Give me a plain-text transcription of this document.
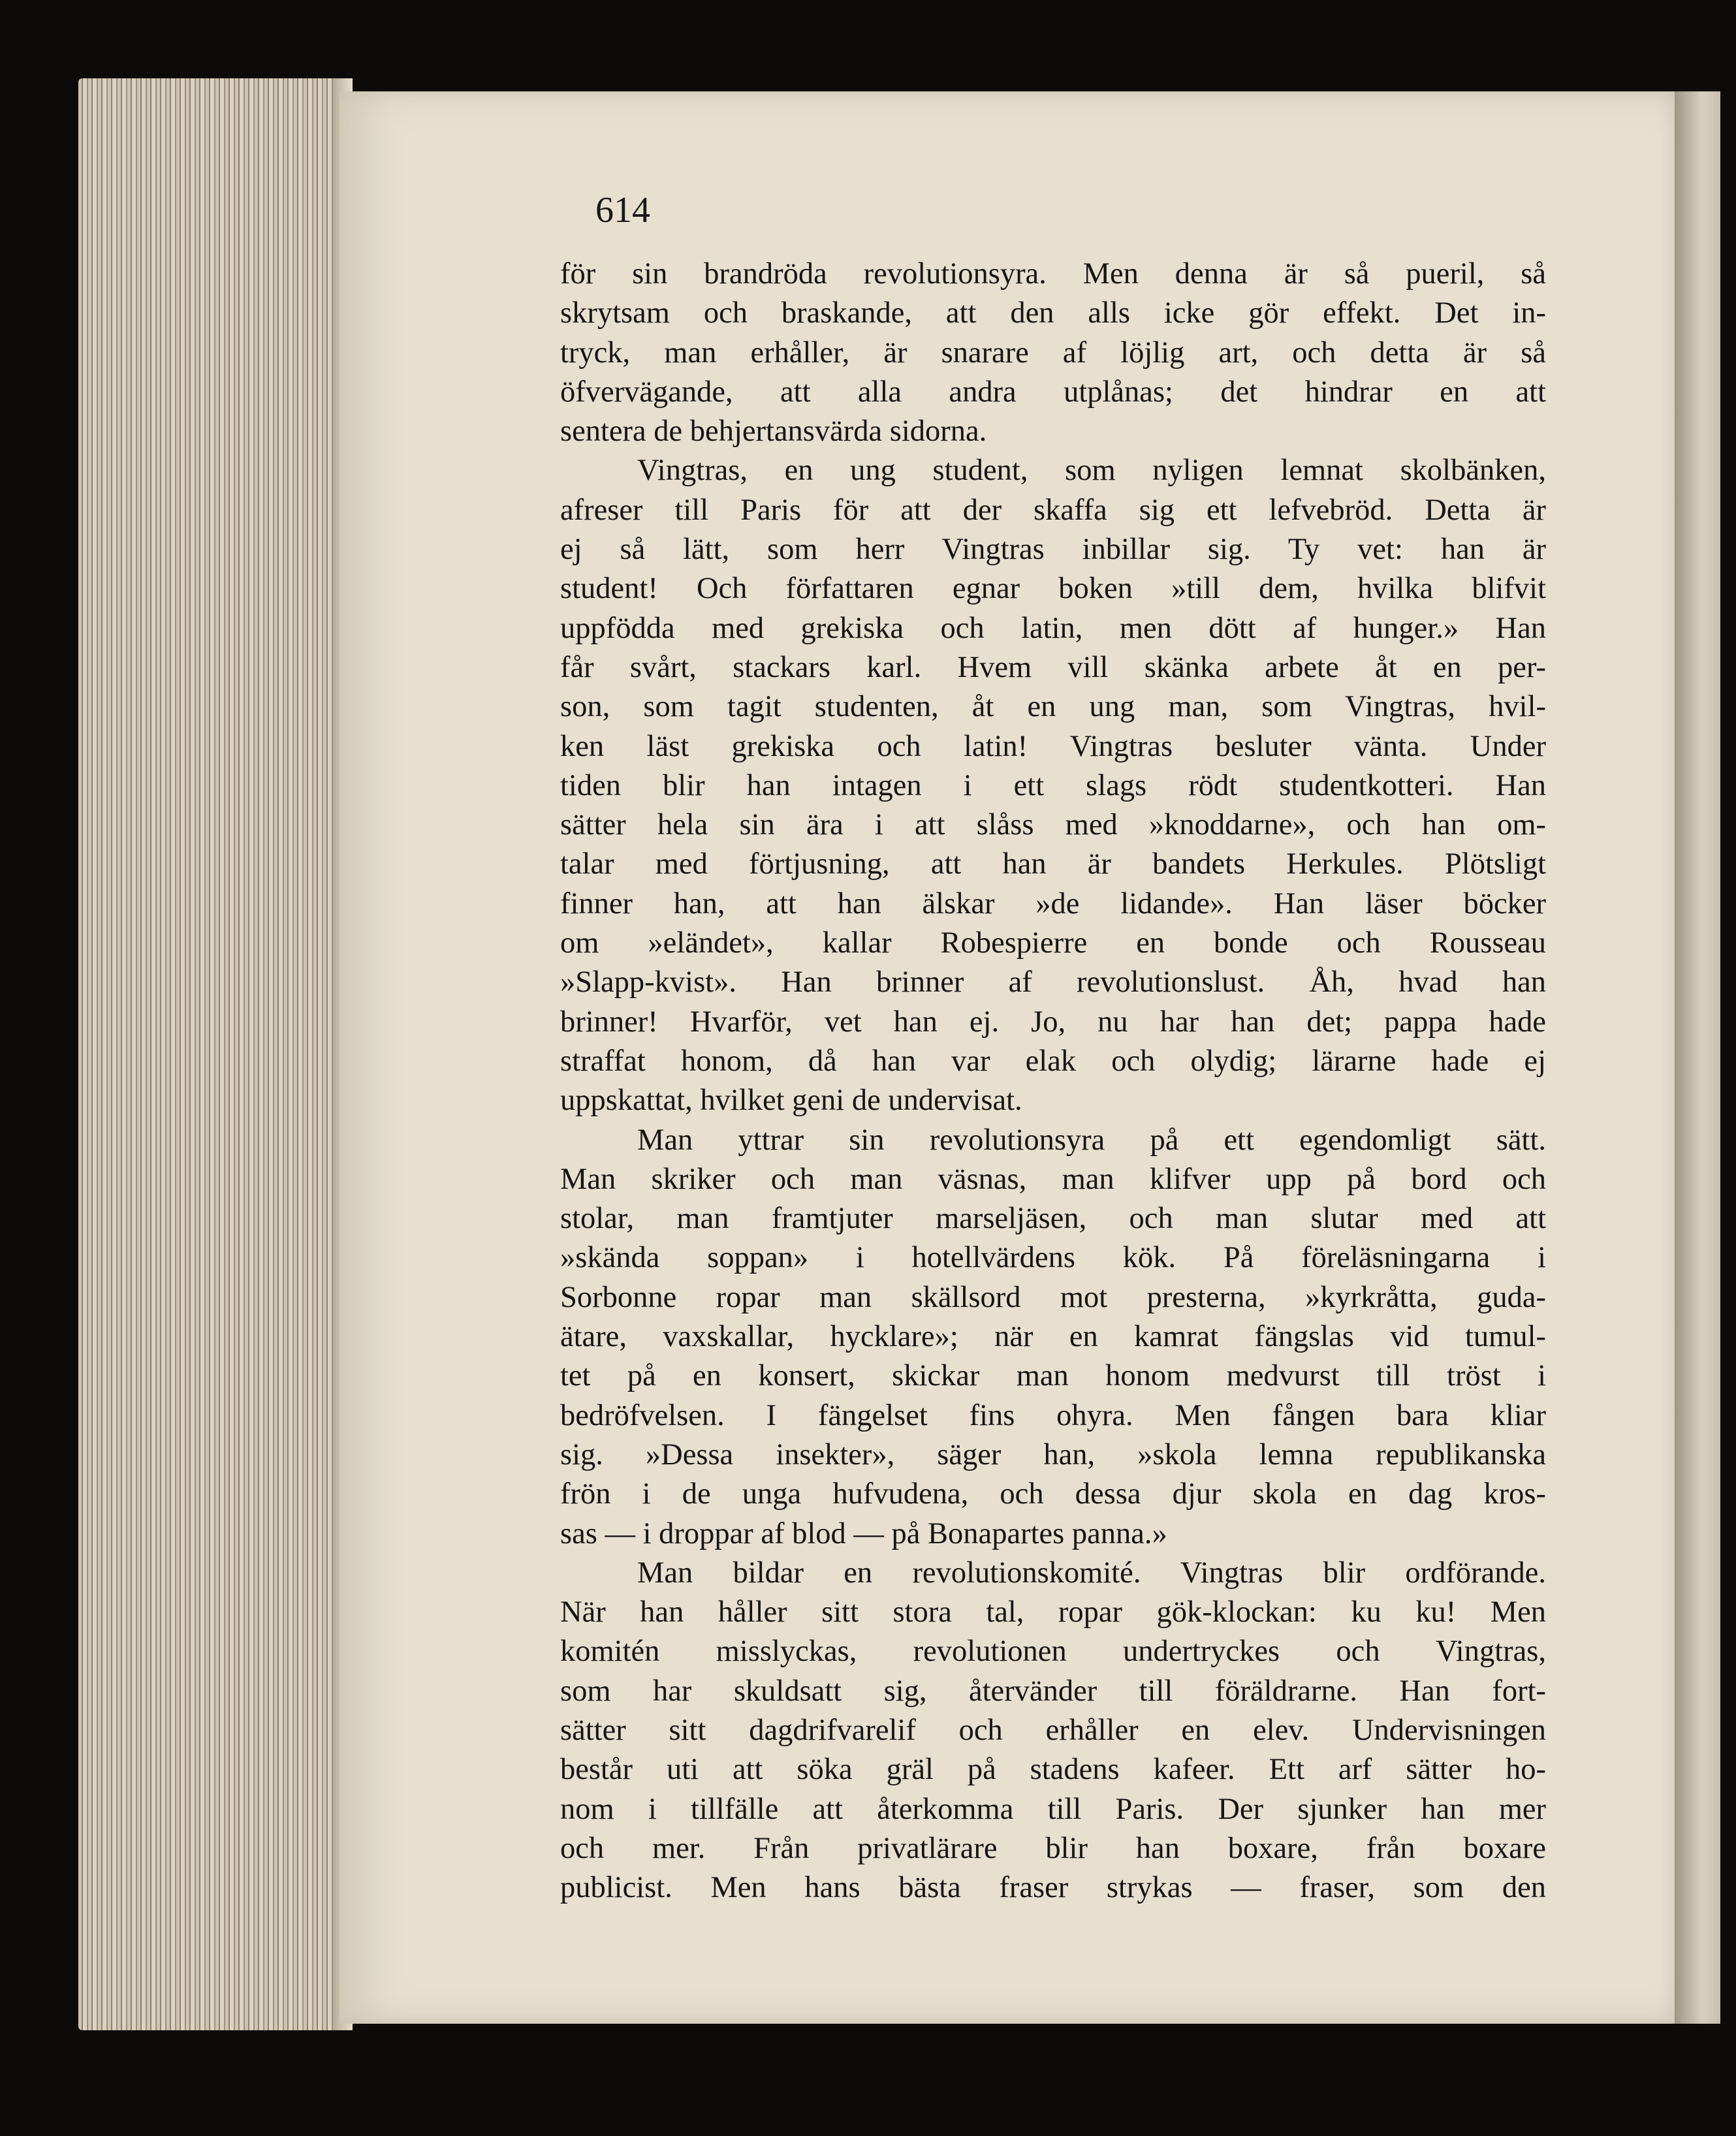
614

för sin brandröda revolutionsyra. Men denna är så pueril, så
skrytsam och braskande, att den alls icke gör effekt. Det in-
tryck, man erhåller, är snarare af löjlig art, och detta är så
öfvervägande, att alla andra utplånas; det hindrar en att
sentera de behjertansvärda sidorna.
Vingtras, en ung student, som nyligen lemnat skolbänken,
afreser till Paris för att der skaffa sig ett lefvebröd. Detta är
ej så lätt, som herr Vingtras inbillar sig. Ty vet: han är
student! Och författaren egnar boken »till dem, hvilka blifvit
uppfödda med grekiska och latin, men dött af hunger.» Han
får svårt, stackars karl. Hvem vill skänka arbete åt en per-
son, som tagit studenten, åt en ung man, som Vingtras, hvil-
ken läst grekiska och latin! Vingtras besluter vänta. Under
tiden blir han intagen i ett slags rödt studentkotteri. Han
sätter hela sin ära i att slåss med »knoddarne», och han om-
talar med förtjusning, att han är bandets Herkules. Plötsligt
finner han, att han älskar »de lidande». Han läser böcker
om »eländet», kallar Robespierre en bonde och Rousseau
»Slapp-kvist». Han brinner af revolutionslust. Åh, hvad han
brinner! Hvarför, vet han ej. Jo, nu har han det; pappa hade
straffat honom, då han var elak och olydig; lärarne hade ej
uppskattat, hvilket geni de undervisat.
Man yttrar sin revolutionsyra på ett egendomligt sätt.
Man skriker och man väsnas, man klifver upp på bord och
stolar, man framtjuter marseljäsen, och man slutar med att
»skända soppan» i hotellvärdens kök. På föreläsningarna i
Sorbonne ropar man skällsord mot presterna, »kyrkråtta, guda-
ätare, vaxskallar, hycklare»; när en kamrat fängslas vid tumul-
tet på en konsert, skickar man honom medvurst till tröst i
bedröfvelsen. I fängelset fins ohyra. Men fången bara kliar
sig. »Dessa insekter», säger han, »skola lemna republikanska
frön i de unga hufvudena, och dessa djur skola en dag kros-
sas — i droppar af blod — på Bonapartes panna.»
Man bildar en revolutionskomité. Vingtras blir ordförande.
När han håller sitt stora tal, ropar gök-klockan: ku ku! Men
komitén misslyckas, revolutionen undertryckes och Vingtras,
som har skuldsatt sig, återvänder till föräldrarne. Han fort-
sätter sitt dagdrifvarelif och erhåller en elev. Undervisningen
består uti att söka gräl på stadens kafeer. Ett arf sätter ho-
nom i tillfälle att återkomma till Paris. Der sjunker han mer
och mer. Från privatlärare blir han boxare, från boxare
publicist. Men hans bästa fraser strykas — fraser, som den
